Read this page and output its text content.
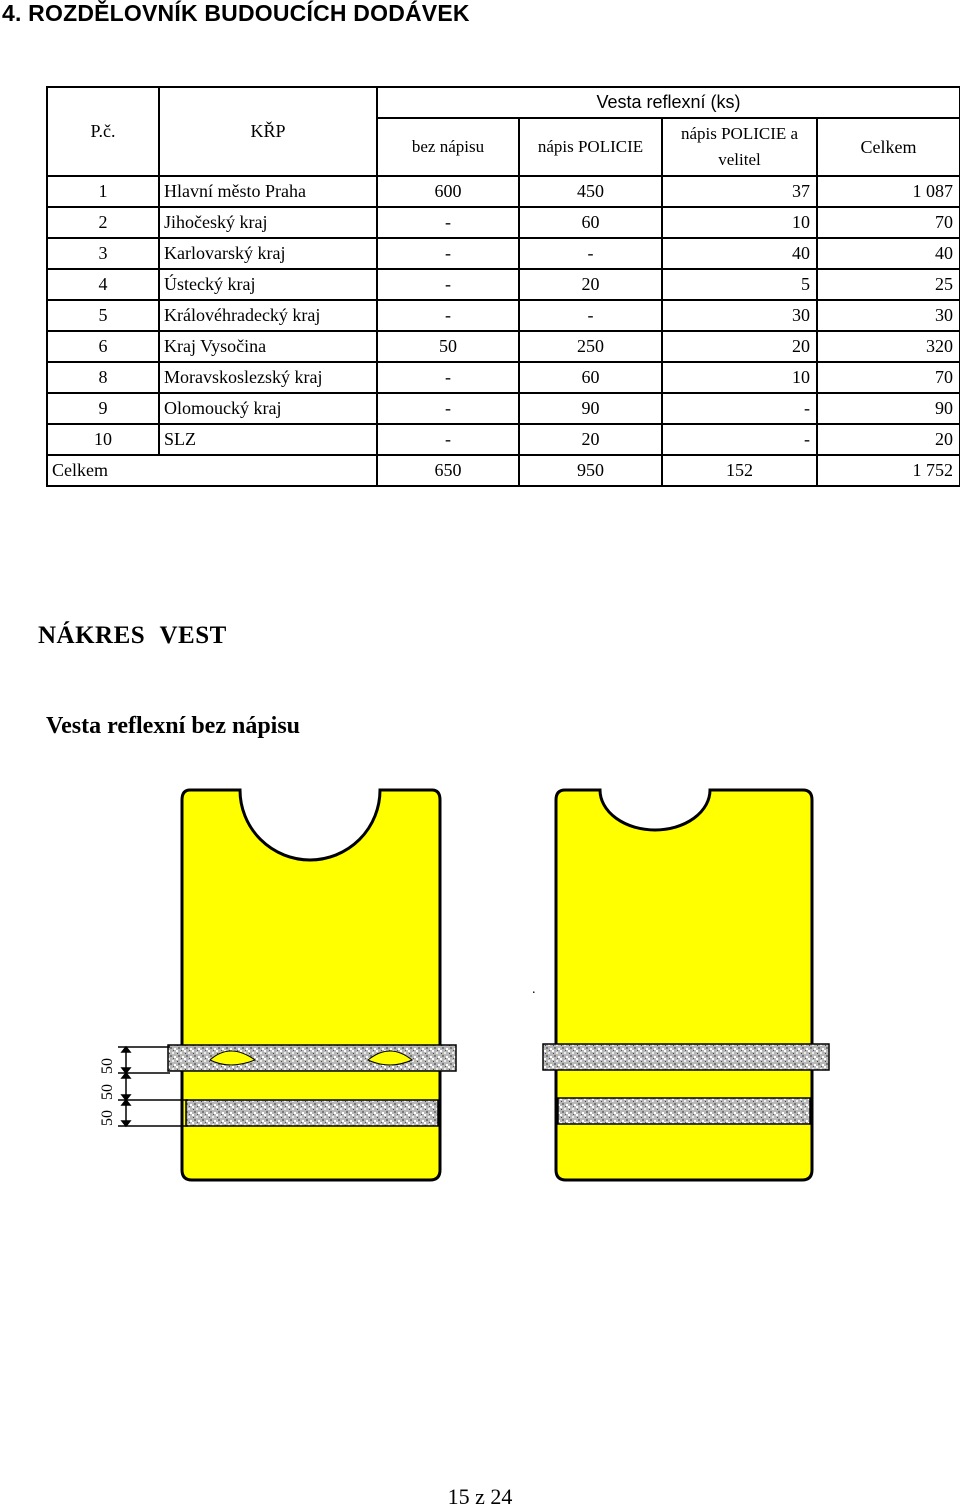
4. ROZDĚLOVNÍK BUDOUCÍCH DODÁVEK
P.č.	KŘP	Vesta reflexní (ks)			
		bez nápisu	nápis POLICIE	nápis POLICIE a velitel	Celkem
1	Hlavní město Praha	600	450	37	1 087
2	Jihočeský kraj	-	60	10	70
3	Karlovarský kraj	-	-	40	40
4	Ústecký kraj	-	20	5	25
5	Královéhradecký kraj	-	-	30	30
6	Kraj Vysočina	50	250	20	320
8	Moravskoslezský kraj	-	60	10	70
9	Olomoucký kraj	-	90	-	90
10	SLZ	-	20	-	20
Celkem		650	950	152	1 752
NÁKRES VEST
Vesta reflexní bez nápisu
50
50
50
.
15 z 24
